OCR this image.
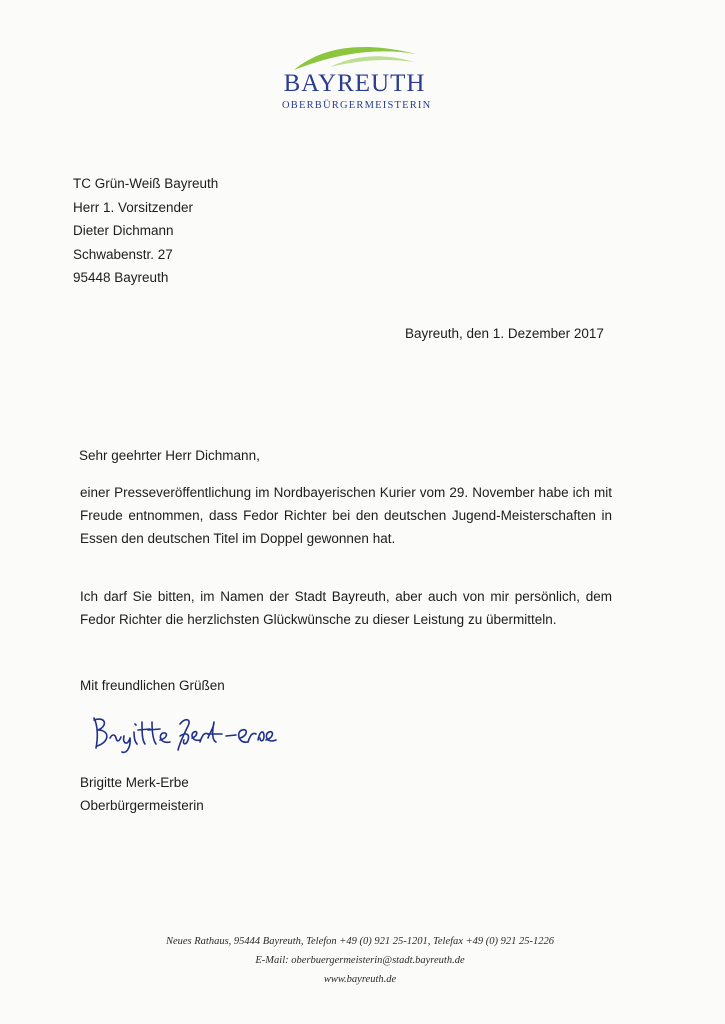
BAYREUTH
OBERBÜRGERMEISTERIN
TC Grün-Weiß Bayreuth
Herr 1. Vorsitzender
Dieter Dichmann
Schwabenstr. 27
95448 Bayreuth
Bayreuth, den 1. Dezember 2017
Sehr geehrter Herr Dichmann,
einer Presseveröffentlichung im Nordbayerischen Kurier vom 29. November habe ich mit Freude entnommen, dass Fedor Richter bei den deutschen Jugend-Meisterschaften in Essen den deutschen Titel im Doppel gewonnen hat.
Ich darf Sie bitten, im Namen der Stadt Bayreuth, aber auch von mir persönlich, dem Fedor Richter die herzlichsten Glückwünsche zu dieser Leistung zu übermitteln.
Mit freundlichen Grüßen
Brigitte Merk-Erbe
Oberbürgermeisterin
Neues Rathaus, 95444 Bayreuth, Telefon +49 (0) 921 25-1201, Telefax +49 (0) 921 25-1226
E-Mail: oberbuergermeisterin@stadt.bayreuth.de
www.bayreuth.de
